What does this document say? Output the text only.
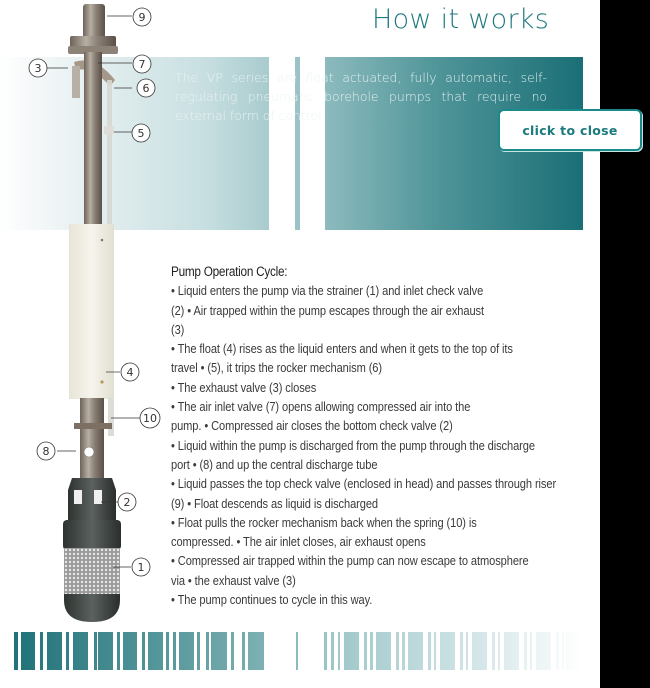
How it works
The VP series are float actuated, fully automatic, self-regulating pneumatic borehole pumps that require no external form of control.
9
7
3
6
5
4
10
8
2
1
Pump Operation Cycle:
• Liquid enters the pump via the strainer (1) and inlet check valve
(2) • Air trapped within the pump escapes through the air exhaust
(3)
• The float (4) rises as the liquid enters and when it gets to the top of its
travel • (5), it trips the rocker mechanism (6)
• The exhaust valve (3) closes
• The air inlet valve (7) opens allowing compressed air into the
pump. • Compressed air closes the bottom check valve (2)
• Liquid within the pump is discharged from the pump through the discharge
port • (8) and up the central discharge tube
• Liquid passes the top check valve (enclosed in head) and passes through riser
(9) • Float descends as liquid is discharged
• Float pulls the rocker mechanism back when the spring (10) is
compressed. • The air inlet closes, air exhaust opens
• Compressed air trapped within the pump can now escape to atmosphere
via • the exhaust valve (3)
• The pump continues to cycle in this way.
click to close
